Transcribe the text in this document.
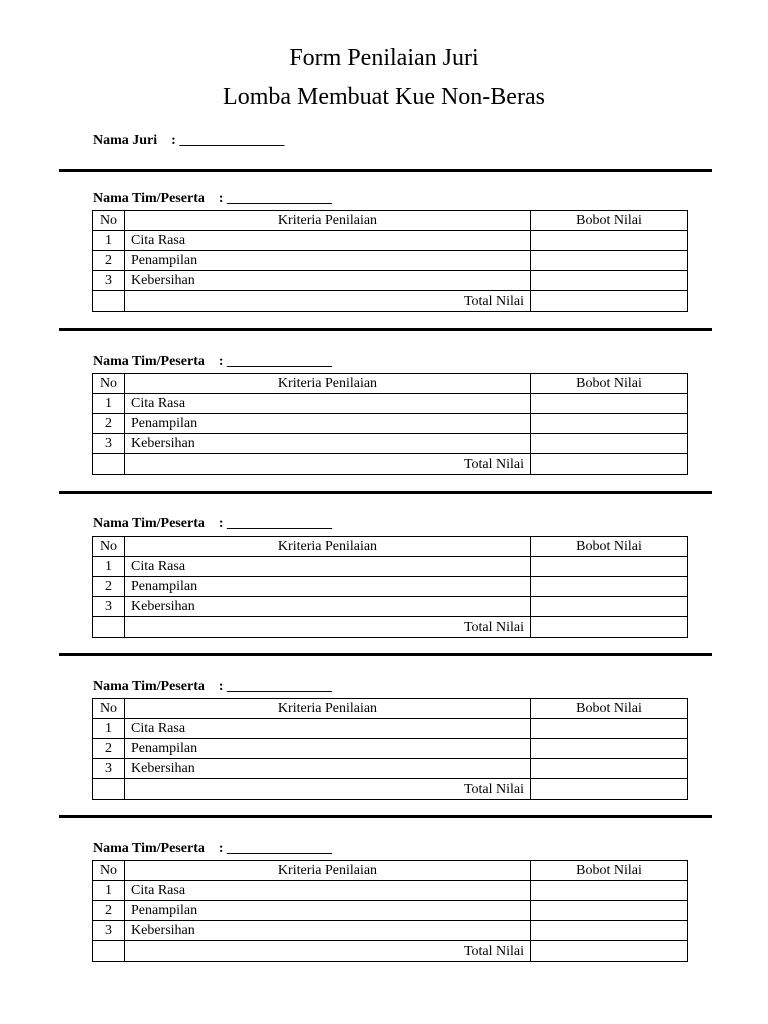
Form Penilaian Juri
Lomba Membuat Kue Non-Beras
Nama Juri : _______________
Nama Tim/Peserta : _______________
No	Kriteria Penilaian	Bobot Nilai
1	Cita Rasa	
2	Penampilan	
3	Kebersihan	
	Total Nilai	
Nama Tim/Peserta : _______________
No	Kriteria Penilaian	Bobot Nilai
1	Cita Rasa	
2	Penampilan	
3	Kebersihan	
	Total Nilai	
Nama Tim/Peserta : _______________
No	Kriteria Penilaian	Bobot Nilai
1	Cita Rasa	
2	Penampilan	
3	Kebersihan	
	Total Nilai	
Nama Tim/Peserta : _______________
No	Kriteria Penilaian	Bobot Nilai
1	Cita Rasa	
2	Penampilan	
3	Kebersihan	
	Total Nilai	
Nama Tim/Peserta : _______________
No	Kriteria Penilaian	Bobot Nilai
1	Cita Rasa	
2	Penampilan	
3	Kebersihan	
	Total Nilai	
